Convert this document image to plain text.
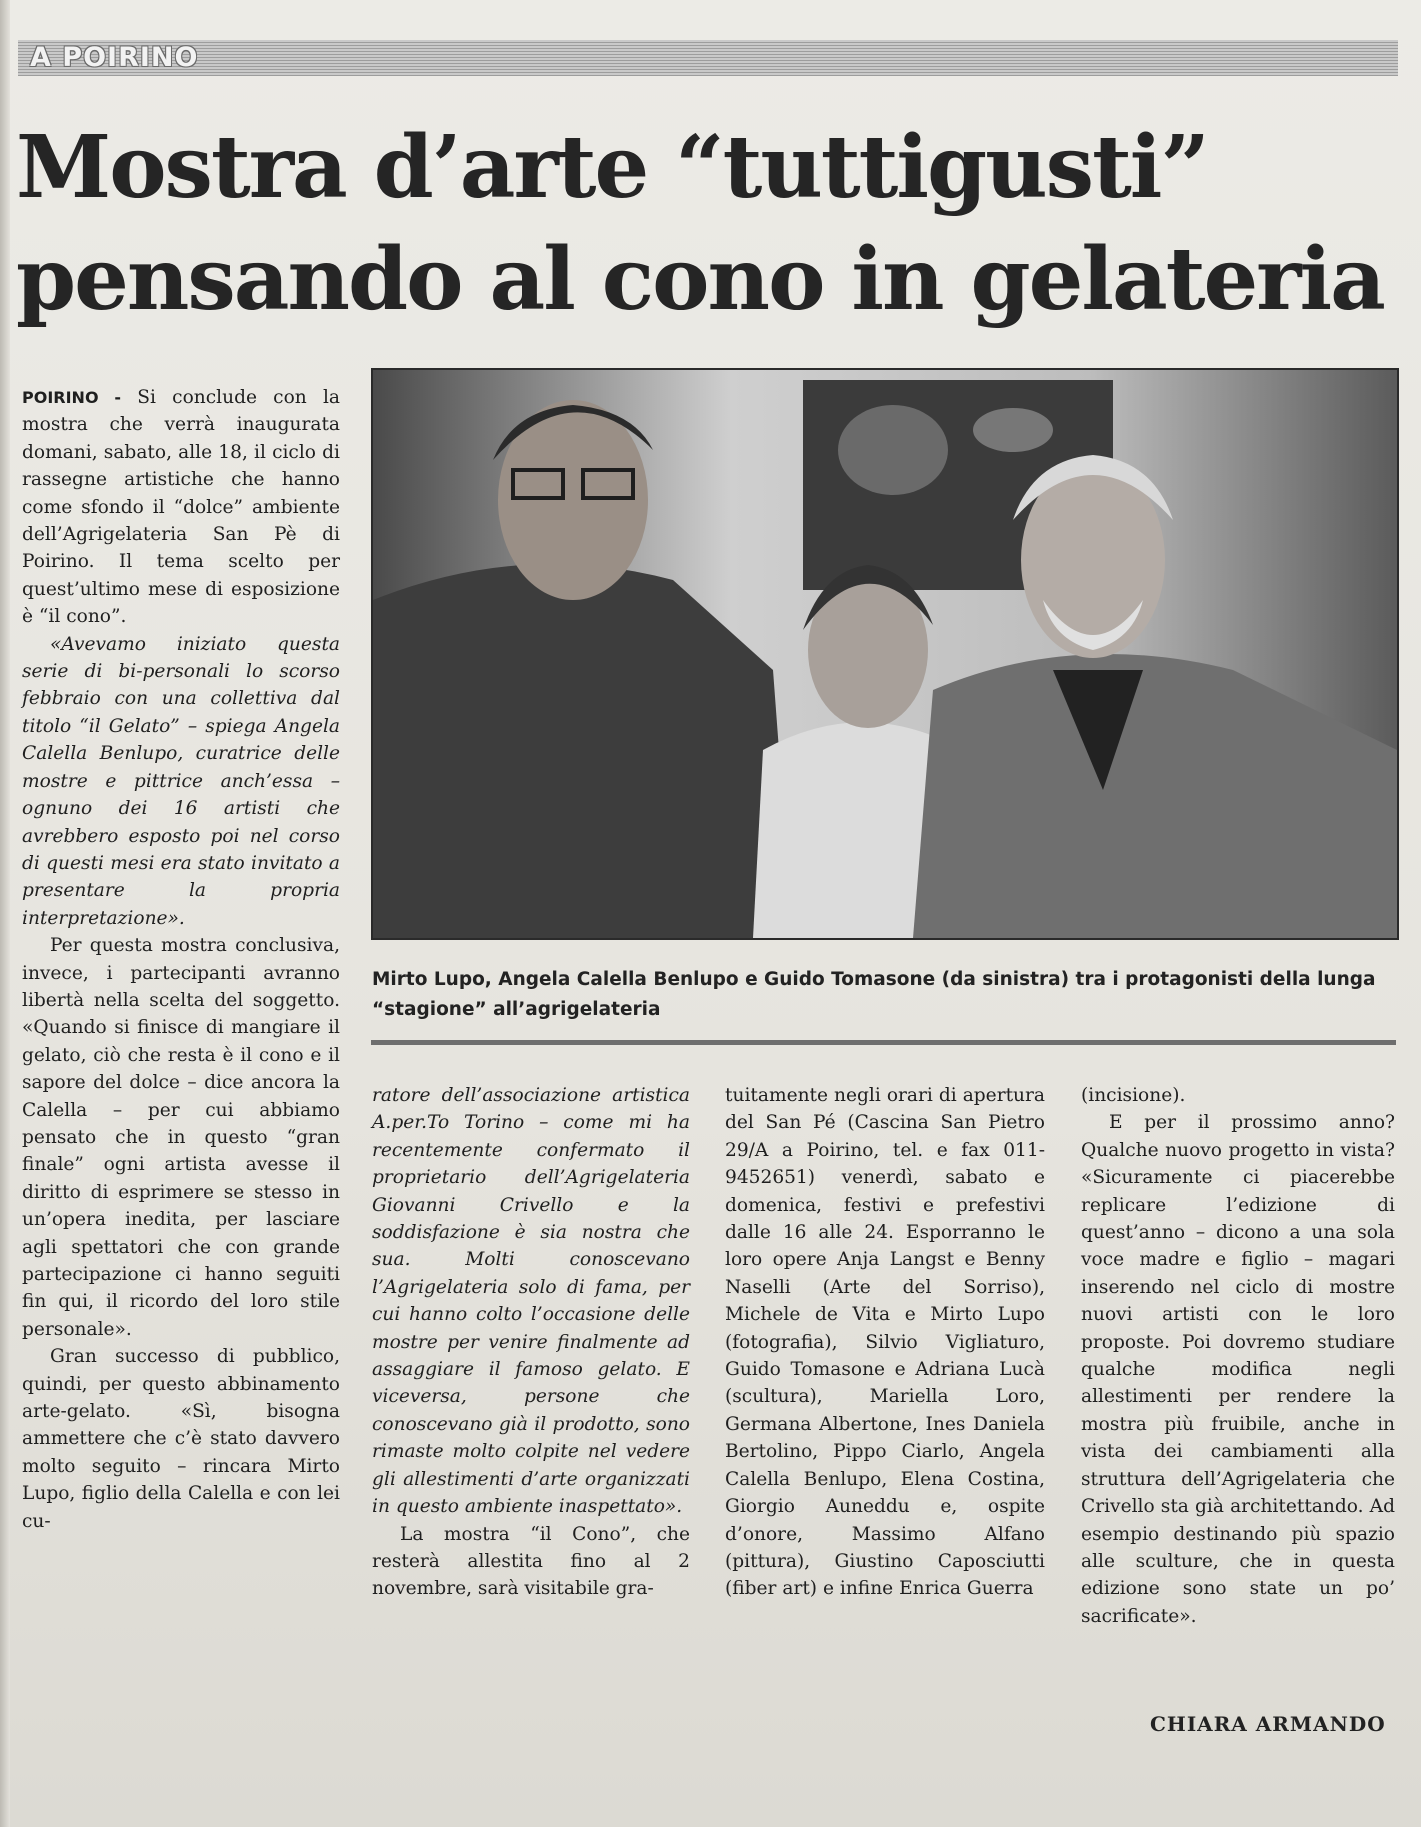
A POIRINO
Mostra d’arte “tuttigusti” pensando al cono in gelateria

POIRINO - Si conclude con la mostra che verrà inaugurata domani, sabato, alle 18, il ciclo di rassegne artistiche che hanno come sfondo il “dolce” ambiente dell’Agrigelateria San Pè di Poirino. Il tema scelto per quest’ultimo mese di esposizione è “il cono”.

«Avevamo iniziato questa serie di bi-personali lo scorso febbraio con una collettiva dal titolo “il Gelato” – spiega Angela Calella Benlupo, curatrice delle mostre e pittrice anch’essa – ognuno dei 16 artisti che avrebbero esposto poi nel corso di questi mesi era stato invitato a presentare la propria interpretazione».

Per questa mostra conclusiva, invece, i partecipanti avranno libertà nella scelta del soggetto. «Quando si finisce di mangiare il gelato, ciò che resta è il cono e il sapore del dolce – dice ancora la Calella – per cui abbiamo pensato che in questo “gran finale” ogni artista avesse il diritto di esprimere se stesso in un’opera inedita, per lasciare agli spettatori che con grande partecipazione ci hanno seguiti fin qui, il ricordo del loro stile personale».

Gran successo di pubblico, quindi, per questo abbinamento arte-gelato. «Sì, bisogna ammettere che c’è stato davvero molto seguito – rincara Mirto Lupo, figlio della Calella e con lei cu-

Mirto Lupo, Angela Calella Benlupo e Guido Tomasone (da sinistra) tra i protagonisti della lunga “stagione” all’agrigelateria

ratore dell’associazione artistica A.per.To Torino – come mi ha recentemente confermato il proprietario dell’Agrigelateria Giovanni Crivello e la soddisfazione è sia nostra che sua. Molti conoscevano l’Agrigelateria solo di fama, per cui hanno colto l’occasione delle mostre per venire finalmente ad assaggiare il famoso gelato. E viceversa, persone che conoscevano già il prodotto, sono rimaste molto colpite nel vedere gli allestimenti d’arte organizzati in questo ambiente inaspettato».

La mostra “il Cono”, che resterà allestita fino al 2 novembre, sarà visitabile gra-

tuitamente negli orari di apertura del San Pé (Cascina San Pietro 29/A a Poirino, tel. e fax 011-9452651) venerdì, sabato e domenica, festivi e prefestivi dalle 16 alle 24. Esporranno le loro opere Anja Langst e Benny Naselli (Arte del Sorriso), Michele de Vita e Mirto Lupo (fotografia), Silvio Vigliaturo, Guido Tomasone e Adriana Lucà (scultura), Mariella Loro, Germana Albertone, Ines Daniela Bertolino, Pippo Ciarlo, Angela Calella Benlupo, Elena Costina, Giorgio Auneddu e, ospite d’onore, Massimo Alfano (pittura), Giustino Caposciutti (fiber art) e infine Enrica Guerra

(incisione).

E per il prossimo anno? Qualche nuovo progetto in vista? «Sicuramente ci piacerebbe replicare l’edizione di quest’anno – dicono a una sola voce madre e figlio – magari inserendo nel ciclo di mostre nuovi artisti con le loro proposte. Poi dovremo studiare qualche modifica negli allestimenti per rendere la mostra più fruibile, anche in vista dei cambiamenti alla struttura dell’Agrigelateria che Crivello sta già architettando. Ad esempio destinando più spazio alle sculture, che in questa edizione sono state un po’ sacrificate».

CHIARA ARMANDO
